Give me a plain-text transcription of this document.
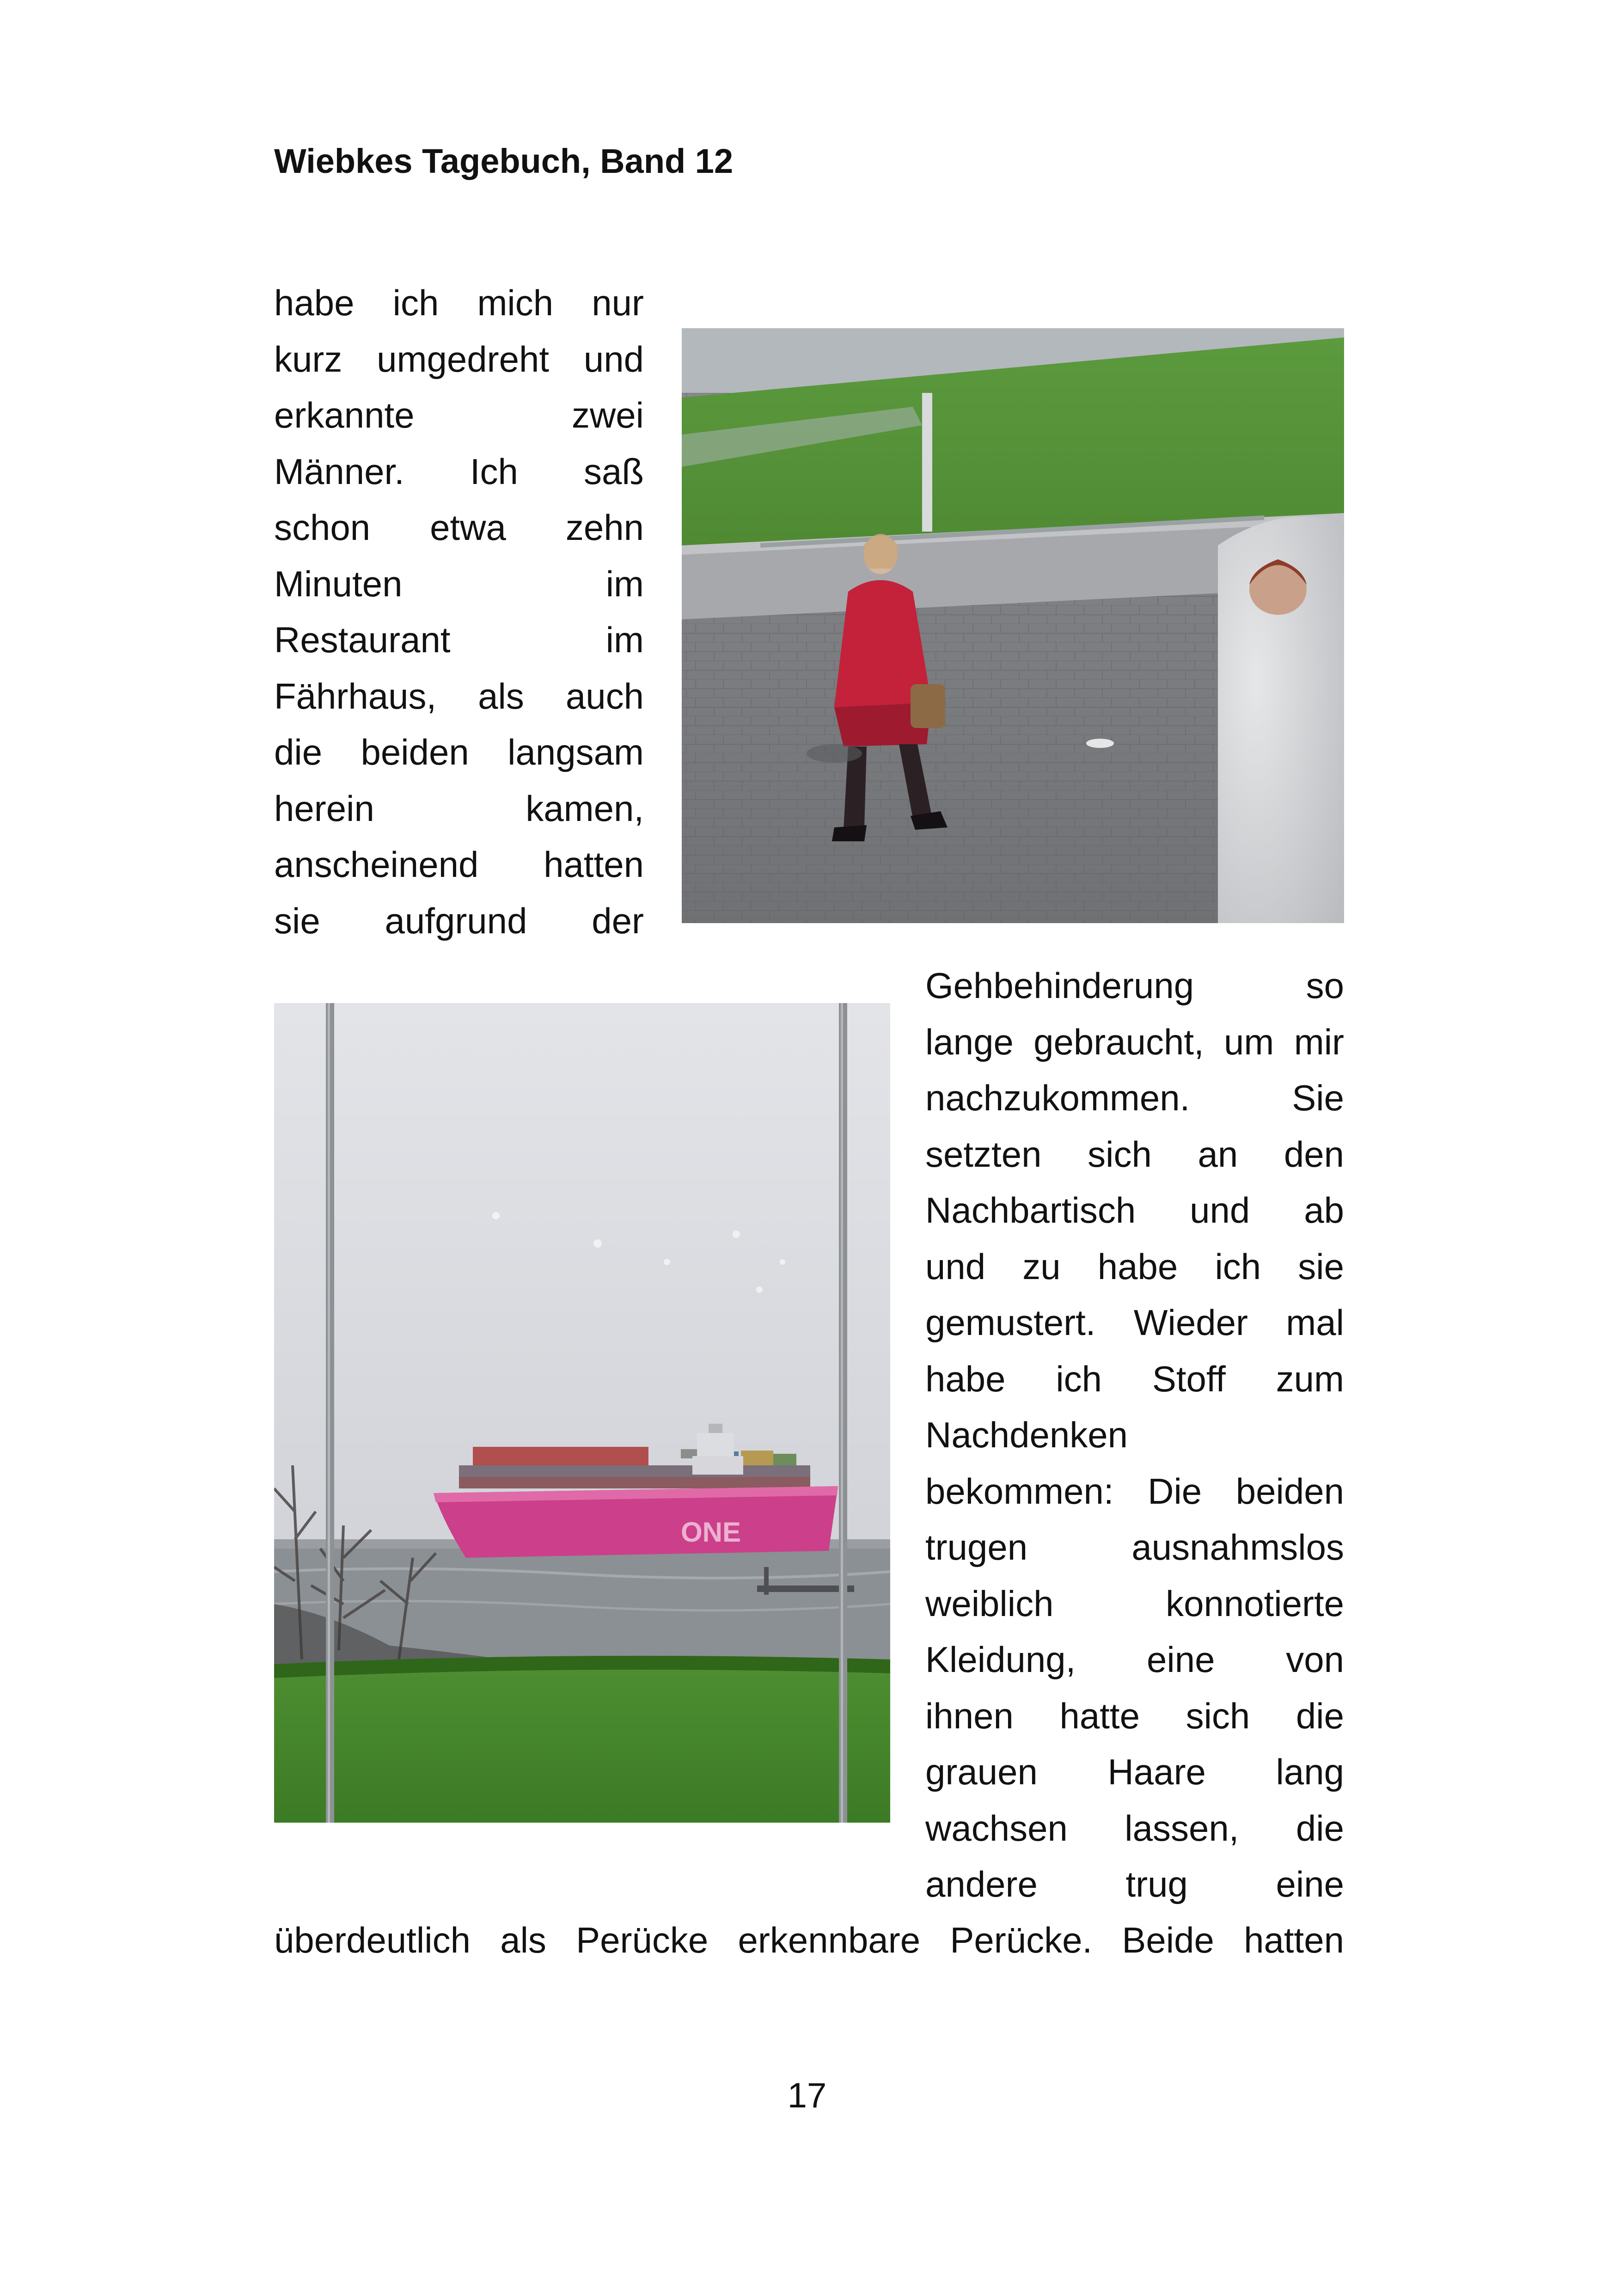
Wiebkes Tagebuch, Band 12
habe ich mich nur
kurz umgedreht und
erkannte zwei
Männer. Ich saß
schon etwa zehn
Minuten im
Restaurant im
Fährhaus, als auch
die beiden langsam
herein kamen,
anscheinend hatten
sie aufgrund der
ONE
Gehbehinderung so
lange gebraucht, um mir
nachzukommen. Sie
setzten sich an den
Nachbartisch und ab
und zu habe ich sie
gemustert. Wieder mal
habe ich Stoff zum
Nachdenken
bekommen: Die beiden
trugen ausnahmslos
weiblich konnotierte
Kleidung, eine von
ihnen hatte sich die
grauen Haare lang
wachsen lassen, die
andere trug eine
überdeutlich als Perücke erkennbare Perücke. Beide hatten
17
